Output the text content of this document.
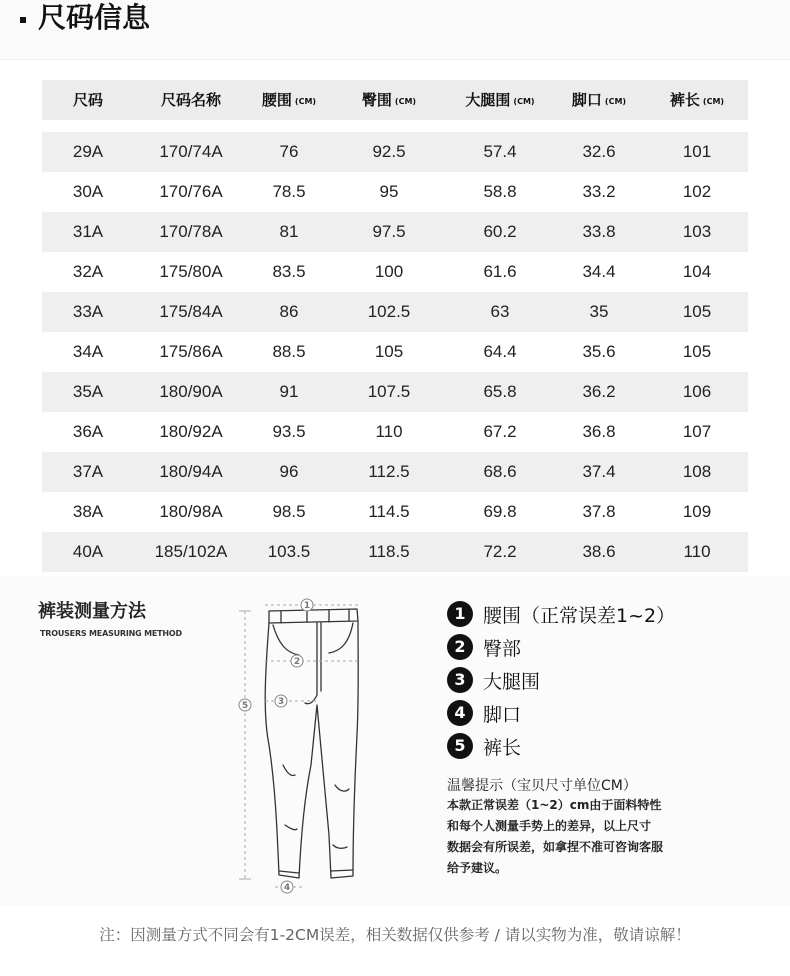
尺码信息
尺码	尺码名称	腰围 (CM)	臀围 (CM)	大腿围 (CM)	脚口 (CM)	裤长 (CM)
29A	170/74A	76	92.5	57.4	32.6	101
30A	170/76A	78.5	95	58.8	33.2	102
31A	170/78A	81	97.5	60.2	33.8	103
32A	175/80A	83.5	100	61.6	34.4	104
33A	175/84A	86	102.5	63	35	105
34A	175/86A	88.5	105	64.4	35.6	105
35A	180/90A	91	107.5	65.8	36.2	106
36A	180/92A	93.5	110	67.2	36.8	107
37A	180/94A	96	112.5	68.6	37.4	108
38A	180/98A	98.5	114.5	69.8	37.8	109
40A	185/102A	103.5	118.5	72.2	38.6	110
裤装测量方法
TROUSERS MEASURING METHOD
1
2
3
4
5
1 腰围（正常误差1~2）
2 臀部
3 大腿围
4 脚口
5 裤长
温馨提示（宝贝尺寸单位CM）
本款正常误差（1~2）cm由于面料特性
和每个人测量手势上的差异，以上尺寸
数据会有所误差，如拿捏不准可咨询客服
给予建议。
注：因测量方式不同会有1-2CM误差，相关数据仅供参考 / 请以实物为准，敬请谅解！
